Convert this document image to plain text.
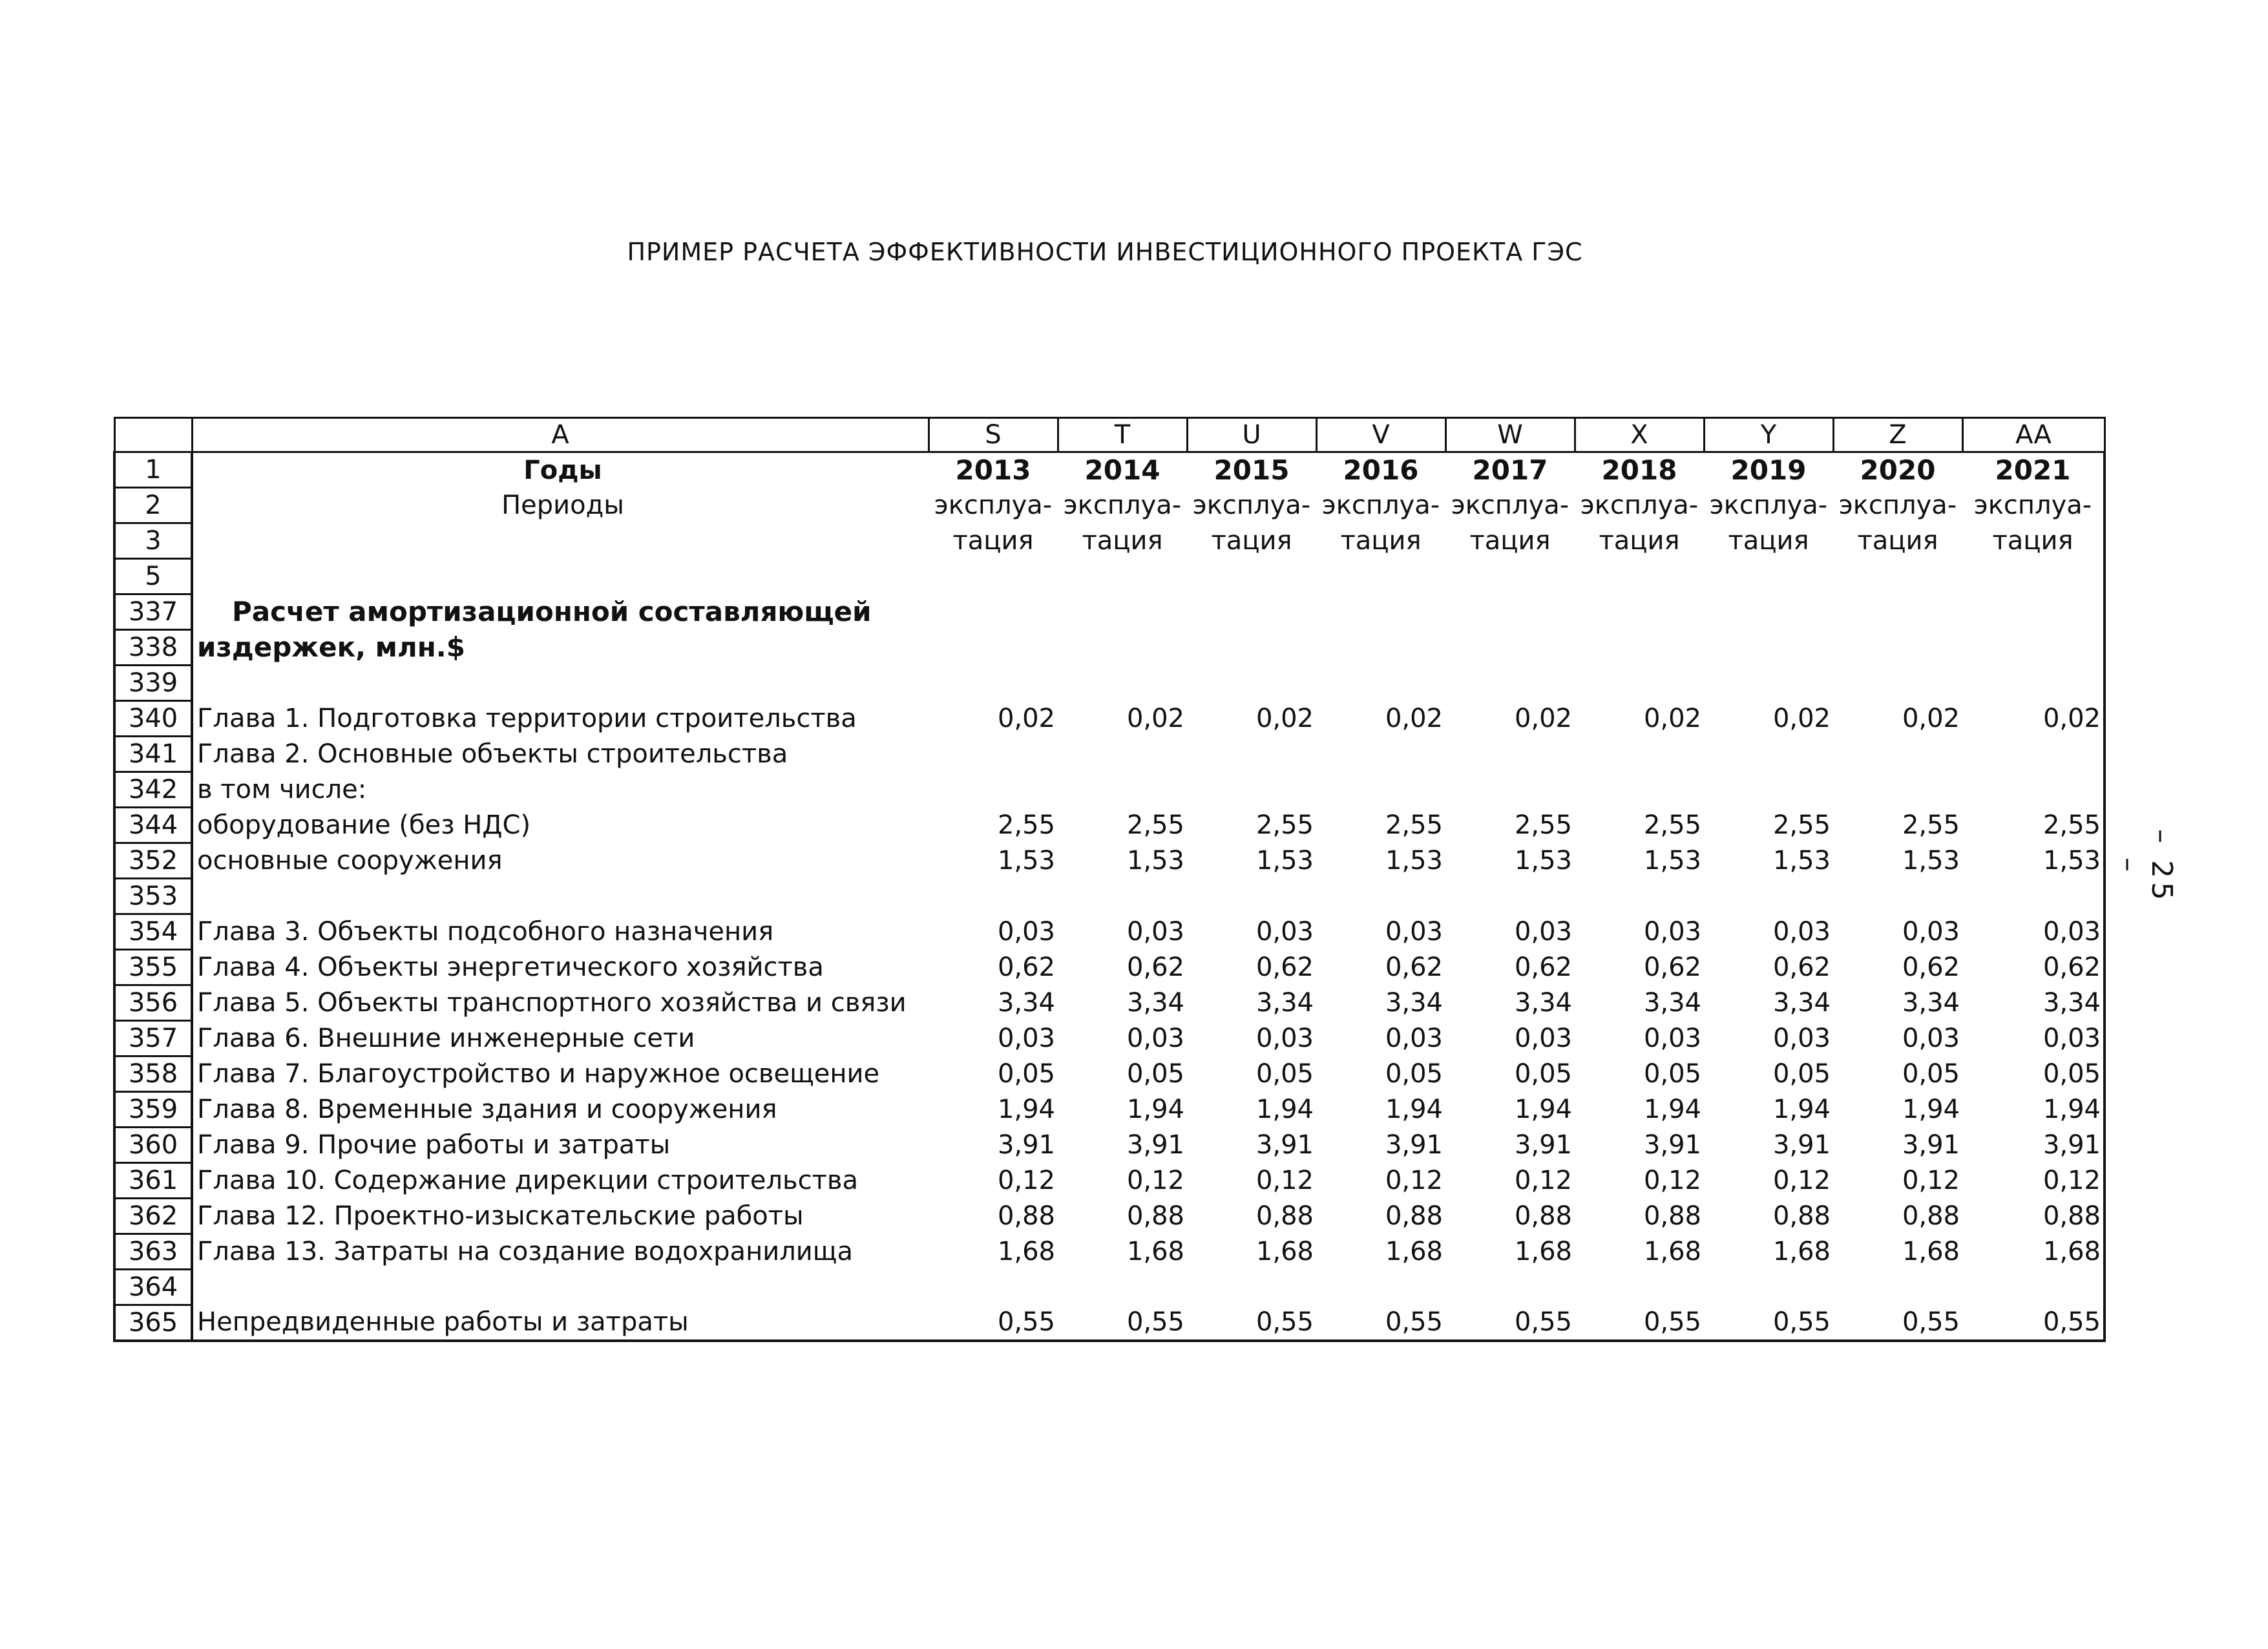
ПРИМЕР РАСЧЕТА ЭФФЕКТИВНОСТИ ИНВЕСТИЦИОННОГО ПРОЕКТА ГЭС
	A	S	T	U	V	W	X	Y	Z	AA
1	Годы	2013	2014	2015	2016	2017	2018	2019	2020	2021
2	Периоды	эксплуа-	эксплуа-	эксплуа-	эксплуа-	эксплуа-	эксплуа-	эксплуа-	эксплуа-	эксплуа-
3		тация	тация	тация	тация	тация	тация	тация	тация	тация
5										
337	Расчет амортизационной составляющей									
338	издержек, млн.$									
339										
340	Глава 1. Подготовка территории строительства	0,02	0,02	0,02	0,02	0,02	0,02	0,02	0,02	0,02
341	Глава 2. Основные объекты строительства									
342	в том числе:									
344	оборудование (без НДС)	2,55	2,55	2,55	2,55	2,55	2,55	2,55	2,55	2,55
352	основные сооружения	1,53	1,53	1,53	1,53	1,53	1,53	1,53	1,53	1,53
353										
354	Глава 3. Объекты подсобного назначения	0,03	0,03	0,03	0,03	0,03	0,03	0,03	0,03	0,03
355	Глава 4. Объекты энергетического хозяйства	0,62	0,62	0,62	0,62	0,62	0,62	0,62	0,62	0,62
356	Глава 5. Объекты транспортного хозяйства и связи	3,34	3,34	3,34	3,34	3,34	3,34	3,34	3,34	3,34
357	Глава 6. Внешние инженерные сети	0,03	0,03	0,03	0,03	0,03	0,03	0,03	0,03	0,03
358	Глава 7. Благоустройство и наружное освещение	0,05	0,05	0,05	0,05	0,05	0,05	0,05	0,05	0,05
359	Глава 8. Временные здания и сооружения	1,94	1,94	1,94	1,94	1,94	1,94	1,94	1,94	1,94
360	Глава 9. Прочие работы и затраты	3,91	3,91	3,91	3,91	3,91	3,91	3,91	3,91	3,91
361	Глава 10. Содержание дирекции строительства	0,12	0,12	0,12	0,12	0,12	0,12	0,12	0,12	0,12
362	Глава 12. Проектно-изыскательские работы	0,88	0,88	0,88	0,88	0,88	0,88	0,88	0,88	0,88
363	Глава 13. Затраты на создание водохранилища	1,68	1,68	1,68	1,68	1,68	1,68	1,68	1,68	1,68
364										
365	Непредвиденные работы и затраты	0,55	0,55	0,55	0,55	0,55	0,55	0,55	0,55	0,55
– 25 –
